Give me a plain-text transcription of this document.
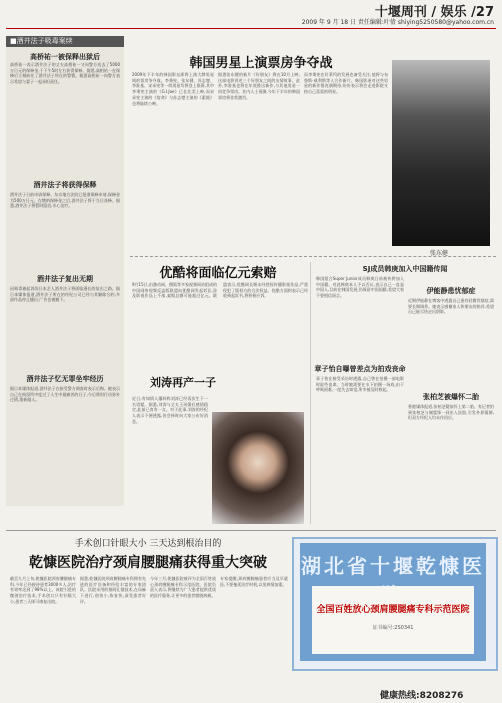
十堰周刊 / 娱乐 /27
2009 年 9 月 18 日 责任编辑:叶倩 shiying5250580@yahoo.com.cn
■酒井法子吸毒案续
高桥祐一被保释出狱后
高桥祐一表示酒井法子的丈夫高相祐一又向警方送去了5000万日元的保释金,于下午5时左右获得保释。据悉,高相祐一在保释后立刻前往了酒井法子所在的警署。据悉高相祐一向警方表示希望与妻子一起承担责任。
酒井法子将获得保释
酒井法子日前申请保释。东京地方法院已批准保释申请,保释金为500万日元。在缴纳保释金之后,酒井法子将于当日获释。据悉,酒井法子将暂时隐居,专心治疗。
酒井法子复出无期
因吸毒被起诉的日本艺人酒井法子将面临漫长的复出之路。据日本媒体报道,酒井法子所在的经纪公司已经与其解除合约,多部作品停止播出,广告也被撤下。
酒井法子忆无罪坐牢经历
据日本媒体报道,酒井法子在接受警方调查时表示后悔。她表示自己在拘留所中度过了人生中最痛苦的日子,今后将用行动弥补过错,重新做人。
韩国男星上演票房争夺战
2009年下半年的韩国影坛即将上演大牌男星间的票房争夺战。李秉宪、张东健、苏志燮、李准基、宋承宪等一线男星均将登上银幕,其中李秉宪主演的《G.I.Joe》已在北美上映,而宋承宪主演的《宿命》与苏志燮主演的《素媛》也将陆续公映。
据悉张东健的新片《好朋友》将在10月上映,这部电影讲述三个好朋友之间的友情故事。此外,李准基也将在年底推出新作,与其他男星一同竞争票房。业内人士预测,今年下半年的韩国票房将非常激烈。
而李秉宪在好莱坞的发展也备受关注,他将与布鲁斯·威利斯等人合作新片。韩国影迷对这些男星的新作都充满期待,纷纷表示将会走进影院支持自己喜爱的明星。
张东健
优酷将面临亿元索赔
9月15日,由激动网、搜狐等多家视频网站组成的中国网络视频反盗版联盟向优酷网发起诉讼,涉及影视作品上千部,索赔总额可能超过亿元。联盟表示,优酷网长期未经授权传播影视作品,严重侵犯了版权方的合法权益。优酷方面则表示已经收到起诉书,将积极应诉。
刘涛再产一子
近日,有知情人爆料称刘涛已经再次生下一名男婴。据悉,刘涛与丈夫王珂婚后感情稳定,此前已育有一女。对于此事,刘涛的经纪人表示不便透露,但会择时向大家公布好消息。
SJ成员韩庚加入中国籍传闻
韩国组合Super Junior成员韩庚日前被传将加入中国籍。对此韩庚本人予以否认,表示自己一直是中国人,目前在韩国发展,仍保留中国国籍,希望大家不要相信谣言。
伊能静患忧郁症
近期伊能静在博客中透露自己患有轻微忧郁症,需要长期调养。她表示感谢家人和朋友的陪伴,希望自己能尽快走出阴影。
章子怡自曝曾差点为拍戏丧命
章子怡在接受采访时透露,自己曾在拍摄一部电影时险些丧命。当时她需要在水下拍摄一场戏,由于呼吸困难,一度失去知觉,所幸被及时救起。
张柏芝被爆怀二胎
香港媒体报道,张柏芝疑似怀上第二胎。有记者拍到张柏芝与谢霆锋一同出入医院,引发外界猜测,但双方经纪人均未作回应。
手术创口针眼大小 三天达到根治目的
乾慷医院治疗颈肩腰腿痛获得重大突破
截至九月上旬,乾慷医院颈肩腰腿痛专科,今年已经接待患者3000多人,治疗有效率达到了98%以上。该院引进的微创治疗技术,手术创口只有针眼大小,患者三天即可康复出院。
据悉,乾慷医院颈肩腰腿痛专科拥有先进的医疗设备和经验丰富的专家团队。医院采用的椎间孔镜技术,在局麻下进行,创伤小,恢复快,深受患者好评。
今年三月,乾慷医院被评为全国百姓放心颈肩腰腿痛专科示范医院。医院负责人表示,将继续为广大患者提供优质的医疗服务,让更多的患者摆脱病痛。
专家提醒,颈肩腰腿痛患者应当及早就医,不要拖延治疗时机,以免病情加重。
湖北省十堰乾慷医
全国百姓放心颈肩腰腿痛专科示范医院
证书编号:2S0341
健康热线:8208276
